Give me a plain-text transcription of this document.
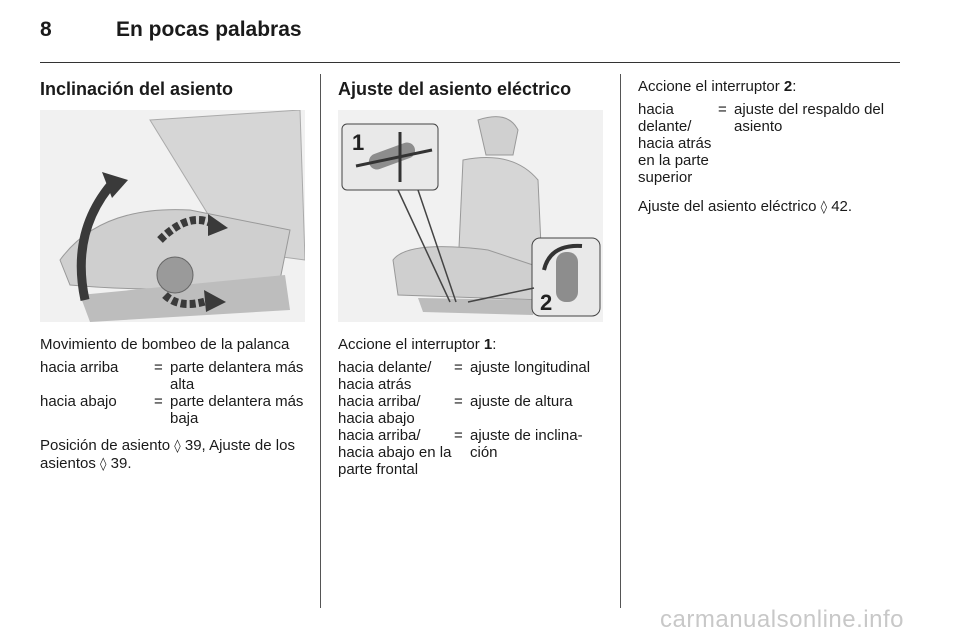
8	En pocas palabras
Inclinación del asiento

Movimiento de bombeo de la palanca

hacia arriba	=	parte delantera más alta
hacia abajo	=	parte delantera más baja

Posición de asiento ◊ 39, Ajuste de los asientos ◊ 39.

Ajuste del asiento eléctrico
1
2

Accione el interruptor 1:

hacia delante/ hacia atrás	=	ajuste longitudinal
hacia arriba/ hacia abajo	=	ajuste de altura
hacia arriba/ hacia abajo en la parte frontal	=	ajuste de inclina- ción

Accione el interruptor 2:

hacia delante/ hacia atrás en la parte superior	=	ajuste del respaldo del asiento

Ajuste del asiento eléctrico ◊ 42.

carmanualsonline.info
